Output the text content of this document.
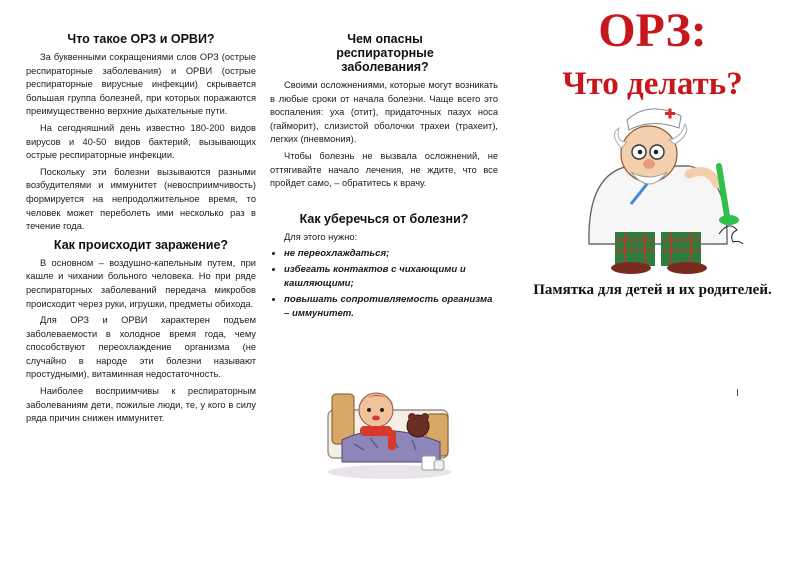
Что такое ОРЗ и ОРВИ?

За буквенными сокращениями слов ОРЗ (острые респираторные заболевания) и ОРВИ (острые респираторные вирусные инфекции) скрывается большая группа болезней, при которых поражаются преимущественно верхние дыхательные пути.

На сегодняшний день известно 180-200 видов вирусов и 40-50 видов бактерий, вызывающих острые респираторные инфекции.

Поскольку эти болезни вызываются разными возбудителями и иммунитет (невосприимчивость) формируется на непродолжительное время, то человек может переболеть ими несколько раз в течение года.

Как происходит заражение?

В основном – воздушно-капельным путем, при кашле и чихании больного человека. Но при ряде респираторных заболеваний передача микробов происходит через руки, игрушки, предметы обихода.

Для ОРЗ и ОРВИ характерен подъем заболеваемости в холодное время года, чему способствуют переохлаждение организма (не случайно в народе эти болезни называют простудными), витаминная недостаточность.

Наиболее восприимчивы к респираторным заболеваниям дети, пожилые люди, те, у кого в силу ряда причин снижен иммунитет.

Чем опасны респираторные заболевания?

Своими осложнениями, которые могут возникать в любые сроки от начала болезни. Чаще всего это воспаления: уха (отит), придаточных пазух носа (гайморит), слизистой оболочки трахеи (трахеит), легких (пневмония).

Чтобы болезнь не вызвала осложнений, не оттягивайте начало лечения, не ждите, что все пройдет само, – обратитесь к врачу.

Как уберечься от болезни?

Для этого нужно:

• не переохлаждаться;
• избегать контактов с чихающими и кашляющими;
• повышать сопротивляемость организма – иммунитет.
ОРЗ:
Что делать?
Памятка для детей и их родителей.
